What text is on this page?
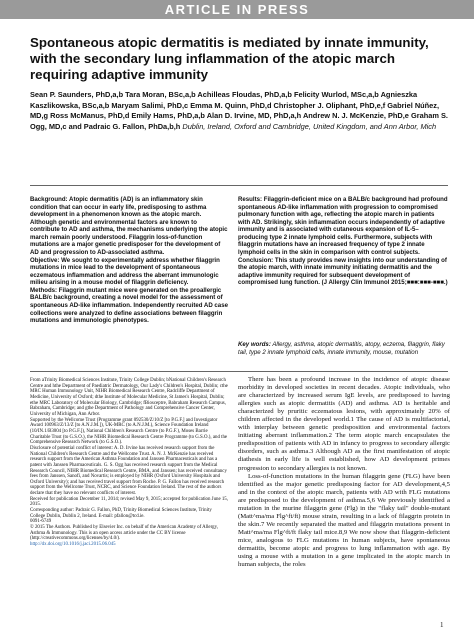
ARTICLE IN PRESS
Spontaneous atopic dermatitis is mediated by innate immunity, with the secondary lung inflammation of the atopic march requiring adaptive immunity
Sean P. Saunders, PhD,a,b Tara Moran, BSc,a,b Achilleas Floudas, PhD,a,b Felicity Wurlod, MSc,a,b Agnieszka Kaszlikowska, BSc,a,b Maryam Salimi, PhD,c Emma M. Quinn, PhD,d Christopher J. Oliphant, PhD,e,f Gabriel Núñez, MD,g Ross McManus, PhD,d Emily Hams, PhD,a,b Alan D. Irvine, MD, PhD,a,h Andrew N. J. McKenzie, PhD,e Graham S. Ogg, MD,c and Padraic G. Fallon, PhDa,b,h Dublin, Ireland, Oxford and Cambridge, United Kingdom, and Ann Arbor, Mich

Background: Atopic dermatitis (AD) is an inflammatory skin condition that can occur in early life, predisposing to asthma development in a phenomenon known as the atopic march. Although genetic and environmental factors are known to contribute to AD and asthma, the mechanisms underlying the atopic march remain poorly understood. Filaggrin loss-of-function mutations are a major genetic predisposer for the development of AD and progression to AD-associated asthma.

Objective: We sought to experimentally address whether filaggrin mutations in mice lead to the development of spontaneous eczematous inflammation and address the aberrant immunologic milieu arising in a mouse model of filaggrin deficiency.

Methods: Filaggrin mutant mice were generated on the proallergic BALB/c background, creating a novel model for the assessment of spontaneous AD-like inflammation. Independently recruited AD case collections were analyzed to define associations between filaggrin mutations and immunologic phenotypes.

Results: Filaggrin-deficient mice on a BALB/c background had profound spontaneous AD-like inflammation with progression to compromised pulmonary function with age, reflecting the atopic march in patients with AD. Strikingly, skin inflammation occurs independently of adaptive immunity and is associated with cutaneous expansion of IL-5–producing type 2 innate lymphoid cells. Furthermore, subjects with filaggrin mutations have an increased frequency of type 2 innate lymphoid cells in the skin in comparison with control subjects.

Conclusion: This study provides new insights into our understanding of the atopic march, with innate immunity initiating dermatitis and the adaptive immunity required for subsequent development of compromised lung function. (J Allergy Clin Immunol 2015;■■■:■■■-■■■.)

Key words: Allergy, asthma, atopic dermatitis, atopy, eczema, filaggrin, flaky tail, type 2 innate lymphoid cells, innate immunity, mouse, mutation

From aTrinity Biomedical Sciences Institute, Trinity College Dublin; bNational Children's Research Centre and hthe Department of Paediatric Dermatology, Our Lady's Children's Hospital, Dublin; cthe MRC Human Immunology Unit, NIHR Biomedical Research Centre, Radcliffe Department of Medicine, University of Oxford; dthe Institute of Molecular Medicine, St James's Hospital, Dublin; ethe MRC Laboratory of Molecular Biology, Cambridge; fBiosceptre, Babraham Research Campus, Babraham, Cambridge; and gthe Department of Pathology and Comprehensive Cancer Center, University of Michigan, Ann Arbor.

Supported by the Wellcome Trust (Programme grant 092530/Z/10/Z [to P.G.F.] and Investigator Award 100963/Z/13/Z [to A.N.J.M.]), UK-MRC (to A.N.J.M.), Science Foundation Ireland (10/IN.1/B3004 [to P.G.F.]), National Children's Research Centre (to P.G.F.), Moses Barrie Charitable Trust (to G.S.O.), the NIHR Biomedical Research Centre Programme (to G.S.O.), and the Comprehensive Research Network (to G.S.O.).

Disclosure of potential conflict of interest: A. D. Irvine has received research support from the National Children's Research Centre and the Wellcome Trust. A. N. J. McKenzie has received research support from the American Asthma Foundation and Janssen Pharmaceuticals and has a patent with Janssen Pharmaceuticals. G. S. Ogg has received research support from the Medical Research Council, NIHR Biomedical Research Centre, BMA, and Janssen; has received consultancy fees from Janssen, Sanofi, and Novartis; is employed by NIHR (Oxford University Hospitals and Oxford University); and has received travel support from Roche. P. G. Fallon has received research support from the Wellcome Trust, NCRC, and Science Foundation Ireland. The rest of the authors declare that they have no relevant conflicts of interest.

Received for publication December 11, 2014; revised May 9, 2015; accepted for publication June 15, 2015.

Corresponding author: Padraic G. Fallon, PhD, Trinity Biomedical Sciences Institute, Trinity College Dublin, Dublin 2, Ireland. E-mail: pfallon@tcd.ie.

0091-6749

© 2015 The Authors. Published by Elsevier Inc. on behalf of the American Academy of Allergy, Asthma & Immunology. This is an open access article under the CC BY license (http://creativecommons.org/licenses/by/4.0/).

http://dx.doi.org/10.1016/j.jaci.2015.06.045

There has been a profound increase in the incidence of atopic disease morbidity in developed societies in recent decades. Atopic individuals, who are characterized by increased serum IgE levels, are predisposed to having allergies such as atopic dermatitis (AD) and asthma. AD is heritable and characterized by pruritic eczematous lesions, with approximately 20% of children affected in the developed world.1 The cause of AD is multifactorial, with interplay between genetic predisposition and environmental factors initiating aberrant inflammation.2 The term atopic march encapsulates the predisposition of patients with AD in infancy to progress to secondary allergic disorders, such as asthma.3 Although AD as the first manifestation of atopic diathesis in early life is well established, how AD development primes progression to secondary allergies is not known.

Loss-of-function mutations in the human filaggrin gene (FLG) have been identified as the major genetic predisposing factor for AD development,4,5 and in the context of the atopic march, patients with AD with FLG mutations are predisposed to the development of asthma.5,6 We previously identified a mutation in the murine filaggrin gene (Flg) in the "flaky tail" double-mutant (Matt^ma/ma Flg^ft/ft) mouse strain, resulting in a lack of filaggrin protein in the skin.7 We recently separated the matted and filaggrin mutations present in Matt^ma/ma Flg^ft/ft flaky tail mice.8,9 We now show that filaggrin-deficient mice, analogous to FLG mutations in human subjects, have spontaneous dermatitis, become atopic and progress to lung inflammation with age. By using a mouse with a mutation in a gene implicated in the atopic march in human subjects, the roles

1
